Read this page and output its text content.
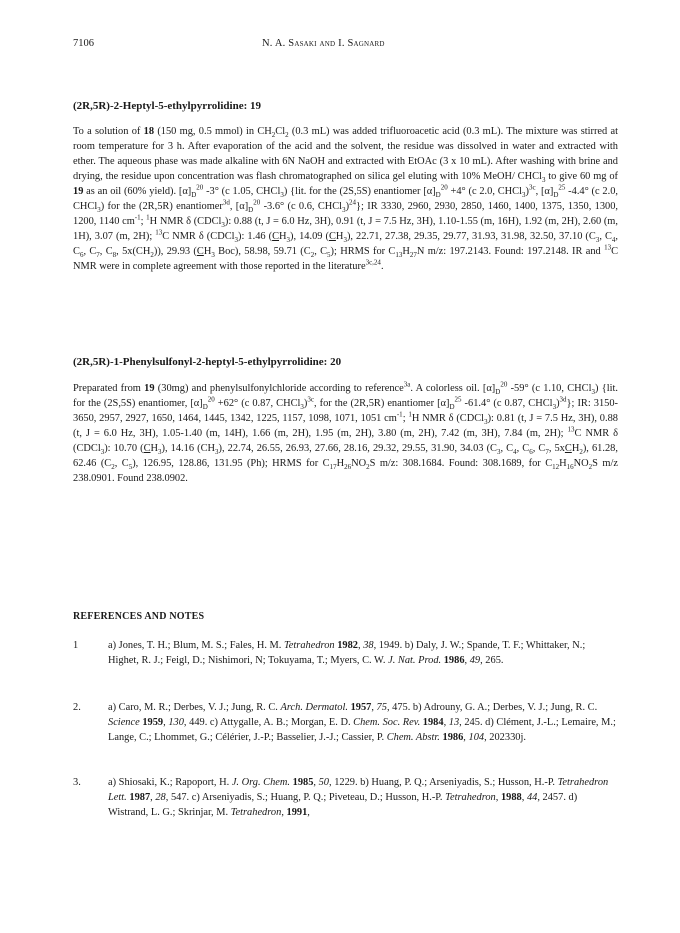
7106	N. A. Sasaki and I. Sagnard
(2R,5R)-2-Heptyl-5-ethylpyrrolidine: 19
To a solution of 18 (150 mg, 0.5 mmol) in $CH_2Cl_2$ (0.3 mL) was added trifluoroacetic acid (0.3 mL). The mixture was stirred at room temperature for 3 h. After evaporation of the acid and the solvent, the residue was dissolved in water and extracted with ether. The aqueous phase was made alkaline with 6N NaOH and extracted with EtOAc (3 x 10 mL). After washing with brine and drying, the residue upon concentration was flash chromatographed on silica gel eluting with 10% MeOH/ CHCl$_3$ to give 60 mg of 19 as an oil (60% yield). $[\alpha]_D^{20}$ -3° (c 1.05, CHCl$_3$) {lit. for the (2S,5S) enantiomer $[\alpha]_D^{20} +4^\circ$ (c 2.0, CHCl$_3$)$^{3c}$, $[\alpha]_D^{25}$ -4.4° (c 2.0, CHCl$_3$) for the (2R,5R) enantiomer$^{3d}$, $[\alpha]_D^{20}$ -3.6° (c 0.6, CHCl$_3$)$^{24}$}; IR 3330, 2960, 2930, 2850, 1460, 1400, 1375, 1350, 1300, 1200, 1140 $cm^{-1}$; $^1$H NMR δ (CDCl$_3$): 0.88 (t, J = 6.0 Hz, 3H), 0.91 (t, J = 7.5 Hz, 3H), 1.10-1.55 (m, 16H), 1.92 (m, 2H), 2.60 (m, 1H), 3.07 (m, 2H); $^{13}$C NMR δ (CDCl$_3$): 1.46 $(CH_3)$, 14.09 $(CH_3)$, 22.71, 27.38, 29.35, 29.77, 31.93, 31.98, 32.50, 37.10 ($C_3$, $C_4$, $C_6$, $C_7$, $C_8$, $5x(CH_2)$), 29.93 ($CH_3$ Boc), 58.98, 59.71 ($C_2$, $C_5$); HRMS for $C_{13}H_{27}N$ m/z: 197.2143. Found: 197.2148. IR and $^{13}$C NMR were in complete agreement with those reported in the literature$^{3c,24}$.
(2R,5R)-1-Phenylsulfonyl-2-heptyl-5-ethylpyrrolidine: 20
Preparated from 19 (30mg) and phenylsulfonylchloride according to reference$^{3a}$. A colorless oil. $[\alpha]_D^{20}$ -59° (c 1.10, CHCl$_3$) {lit. for the (2S,5S) enantiomer, $[\alpha]_D^{20} +62^\circ$ (c 0.87, CHCl$_3$)$^{3c}$, for the (2R,5R) enantiomer $[\alpha]_D^{25}$ -61.4° (c 0.87, CHCl$_3$)$^{3d}$}; IR: 3150-3650, 2957, 2927, 1650, 1464, 1445, 1342, 1225, 1157, 1098, 1071, 1051 $cm^{-1}$; $^1$H NMR δ (CDCl$_3$): 0.81 (t, J = 7.5 Hz, 3H), 0.88 (t, J = 6.0 Hz, 3H), 1.05-1.40 (m, 14H), 1.66 (m, 2H), 1.95 (m, 2H), 3.80 (m, 2H), 7.42 (m, 3H), 7.84 (m, 2H); $^{13}$C NMR δ (CDCl$_3$): 10.70 $(CH_3)$, 14.16 $(CH_3)$, 22.74, 26.55, 26.93, 27.66, 28.16, 29.32, 29.55, 31.90, 34.03 ($C_3$, $C_4$, $C_6$, $C_7$, 5xCH$_2$), 61.28, 62.46 ($C_2$, $C_5$), 126.95, 128.86, 131.95 (Ph); HRMS for $C_{17}H_{26}NO_2S$ m/z: 308.1684. Found: 308.1689, for $C_{12}H_{16}NO_2S$ m/z 238.0901. Found 238.0902.
REFERENCES AND NOTES
1	a) Jones, T. H.; Blum, M. S.; Fales, H. M. Tetrahedron 1982, 38, 1949. b) Daly, J. W.; Spande, T. F.; Whittaker, N.; Highet, R. J.; Feigl, D.; Nishimori, N; Tokuyama, T.; Myers, C. W. J. Nat. Prod. 1986, 49, 265.
2.	a) Caro, M. R.; Derbes, V. J.; Jung, R. C. Arch. Dermatol. 1957, 75, 475. b) Adrouny, G. A.; Derbes, V. J.; Jung, R. C. Science 1959, 130, 449. c) Attygalle, A. B.; Morgan, E. D. Chem. Soc. Rev. 1984, 13, 245. d) Clément, J.-L.; Lemaire, M.; Lange, C.; Lhommet, G.; Célérier, J.-P.; Basselier, J.-J.; Cassier, P. Chem. Abstr. 1986, 104, 202330j.
3.	a) Shiosaki, K.; Rapoport, H. J. Org. Chem. 1985, 50, 1229. b) Huang, P. Q.; Arseniyadis, S.; Husson, H.-P. Tetrahedron Lett. 1987, 28, 547. c) Arseniyadis, S.; Huang, P. Q.; Piveteau, D.; Husson, H.-P. Tetrahedron, 1988, 44, 2457. d) Wistrand, L. G.; Skrinjar, M. Tetrahedron, 1991,
